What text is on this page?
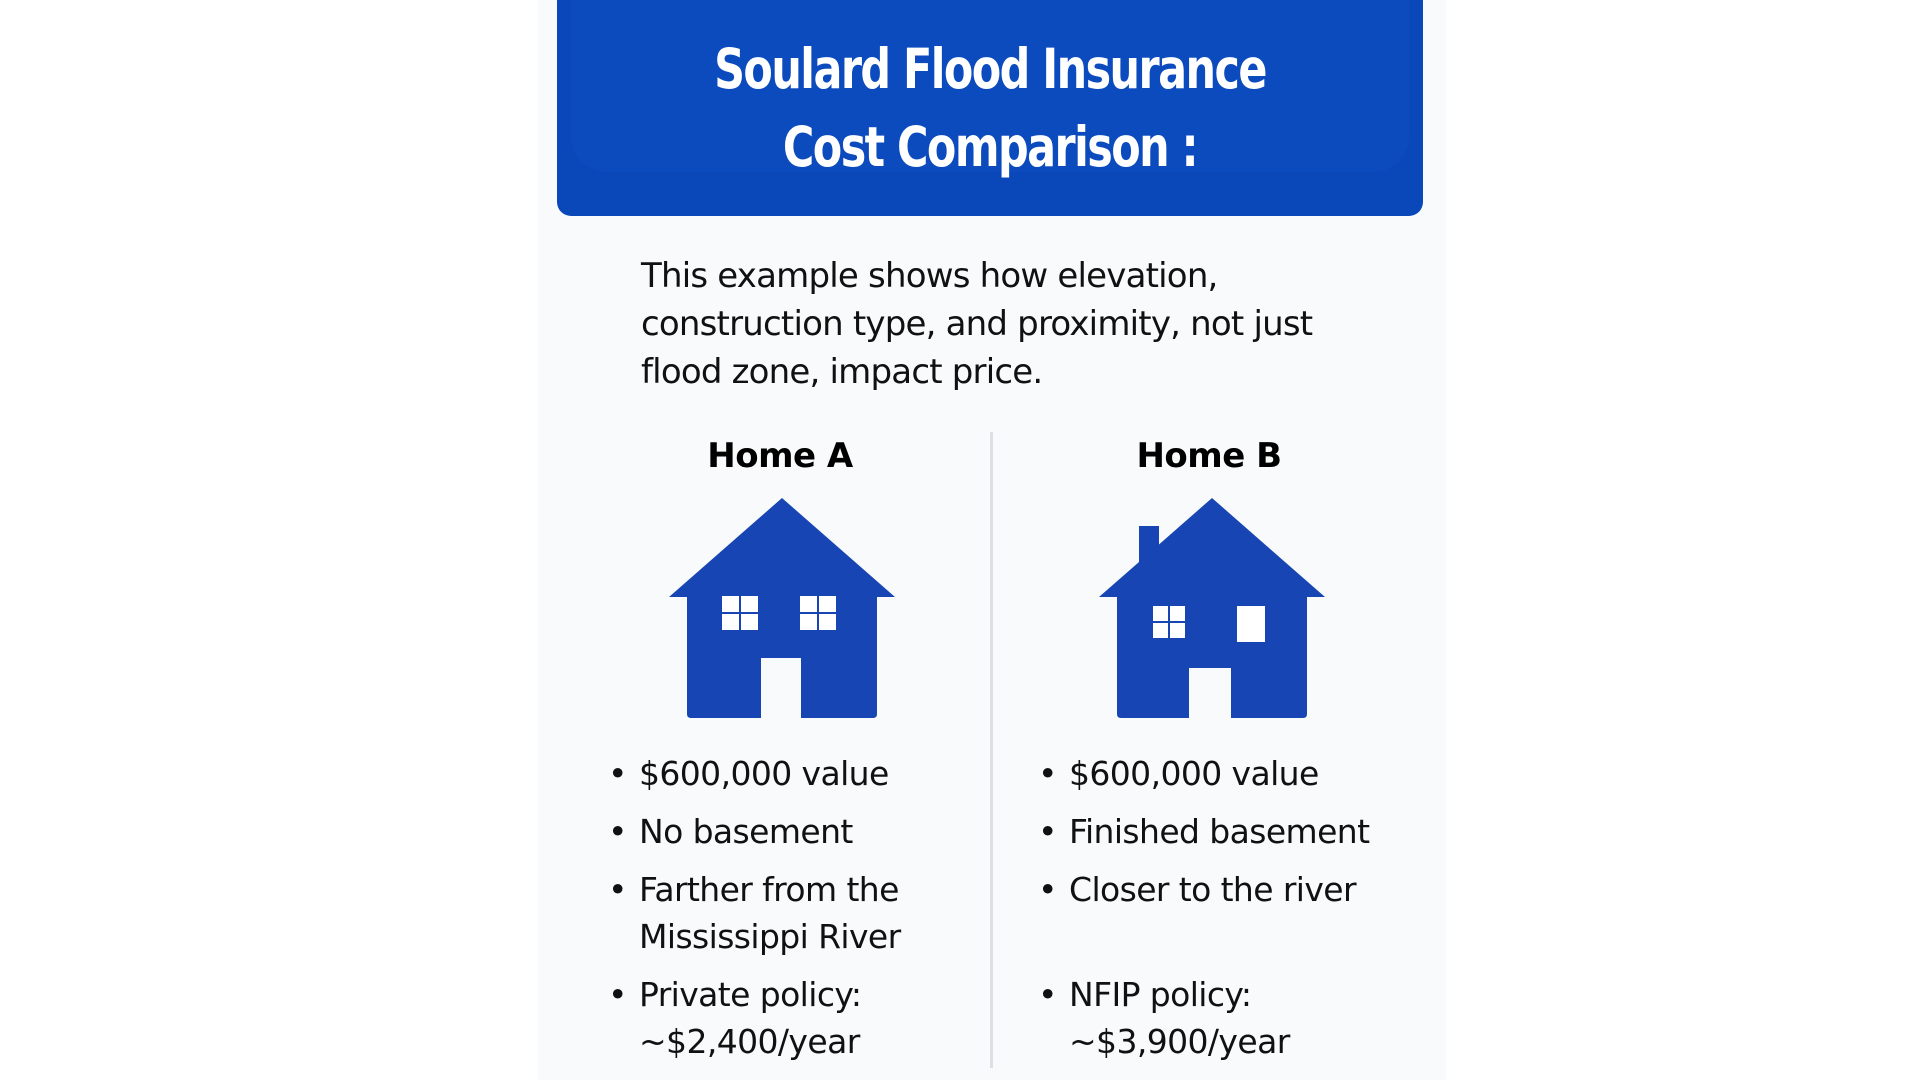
Soulard Flood Insurance
Cost Comparison :

This example shows how elevation, construction type, and proximity, not just flood zone, impact price.

Home A
• $600,000 value
• No basement
• Farther from the Mississippi River
• Private policy: ~$2,400/year
Home B
• $600,000 value
• Finished basement
• Closer to the river
• NFIP policy: ~$3,900/year
